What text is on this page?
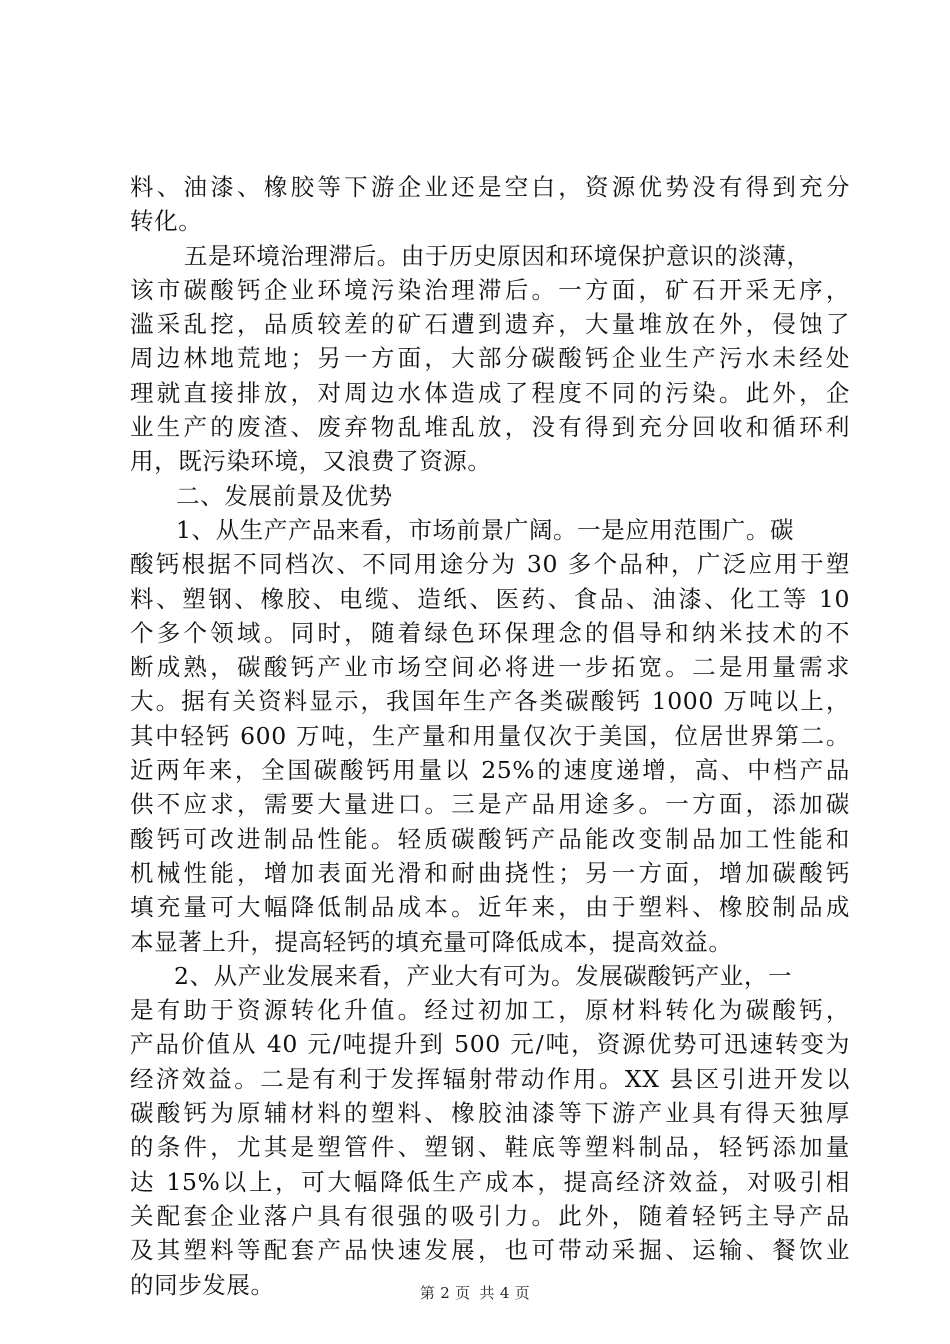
料、油漆、橡胶等下游企业还是空白，资源优势没有得到充分
转化。
五是环境治理滞后。由于历史原因和环境保护意识的淡薄，
该市碳酸钙企业环境污染治理滞后。一方面，矿石开采无序，
滥采乱挖，品质较差的矿石遭到遗弃，大量堆放在外，侵蚀了
周边林地荒地；另一方面，大部分碳酸钙企业生产污水未经处
理就直接排放，对周边水体造成了程度不同的污染。此外，企
业生产的废渣、废弃物乱堆乱放，没有得到充分回收和循环利
用，既污染环境，又浪费了资源。
二、发展前景及优势
1、从生产产品来看，市场前景广阔。一是应用范围广。碳
酸钙根据不同档次、不同用途分为 30 多个品种，广泛应用于塑
料、塑钢、橡胶、电缆、造纸、医药、食品、油漆、化工等 10
个多个领域。同时，随着绿色环保理念的倡导和纳米技术的不
断成熟，碳酸钙产业市场空间必将进一步拓宽。二是用量需求
大。据有关资料显示，我国年生产各类碳酸钙 1000 万吨以上，
其中轻钙 600 万吨，生产量和用量仅次于美国，位居世界第二。
近两年来，全国碳酸钙用量以 25%的速度递增，高、中档产品
供不应求，需要大量进口。三是产品用途多。一方面，添加碳
酸钙可改进制品性能。轻质碳酸钙产品能改变制品加工性能和
机械性能，增加表面光滑和耐曲挠性；另一方面，增加碳酸钙
填充量可大幅降低制品成本。近年来，由于塑料、橡胶制品成
本显著上升，提高轻钙的填充量可降低成本，提高效益。
2、从产业发展来看，产业大有可为。发展碳酸钙产业，一
是有助于资源转化升值。经过初加工，原材料转化为碳酸钙，
产品价值从 40 元/吨提升到 500 元/吨，资源优势可迅速转变为
经济效益。二是有利于发挥辐射带动作用。XX 县区引进开发以
碳酸钙为原辅材料的塑料、橡胶油漆等下游产业具有得天独厚
的条件，尤其是塑管件、塑钢、鞋底等塑料制品，轻钙添加量
达 15%以上，可大幅降低生产成本，提高经济效益，对吸引相
关配套企业落户具有很强的吸引力。此外，随着轻钙主导产品
及其塑料等配套产品快速发展，也可带动采掘、运输、餐饮业
的同步发展。	第 2 页 共 4 页
